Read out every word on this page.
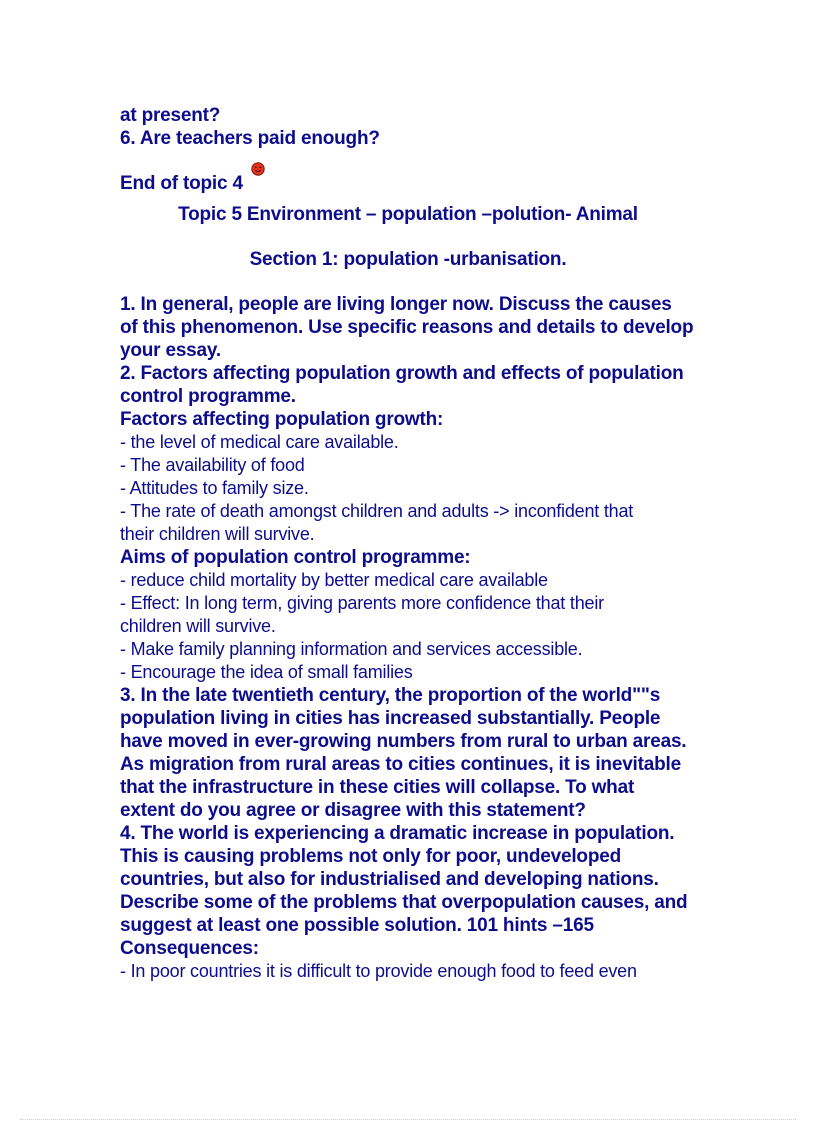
at present?
6. Are teachers paid enough?
End of topic 4
Topic 5 Environment – population –polution- Animal
Section 1: population -urbanisation.
1. In general, people are living longer now. Discuss the causes
of this phenomenon. Use specific reasons and details to develop
your essay.
2. Factors affecting population growth and effects of population
control programme.
Factors affecting population growth:
- the level of medical care available.
- The availability of food
- Attitudes to family size.
- The rate of death amongst children and adults -> inconfident that
their children will survive.
Aims of population control programme:
- reduce child mortality by better medical care available
- Effect: In long term, giving parents more confidence that their
children will survive.
- Make family planning information and services accessible.
- Encourage the idea of small families
3. In the late twentieth century, the proportion of the world""s
population living in cities has increased substantially. People
have moved in ever-growing numbers from rural to urban areas.
As migration from rural areas to cities continues, it is inevitable
that the infrastructure in these cities will collapse. To what
extent do you agree or disagree with this statement?
4. The world is experiencing a dramatic increase in population.
This is causing problems not only for poor, undeveloped
countries, but also for industrialised and developing nations.
Describe some of the problems that overpopulation causes, and
suggest at least one possible solution. 101 hints –165
Consequences:
- In poor countries it is difficult to provide enough food to feed even
